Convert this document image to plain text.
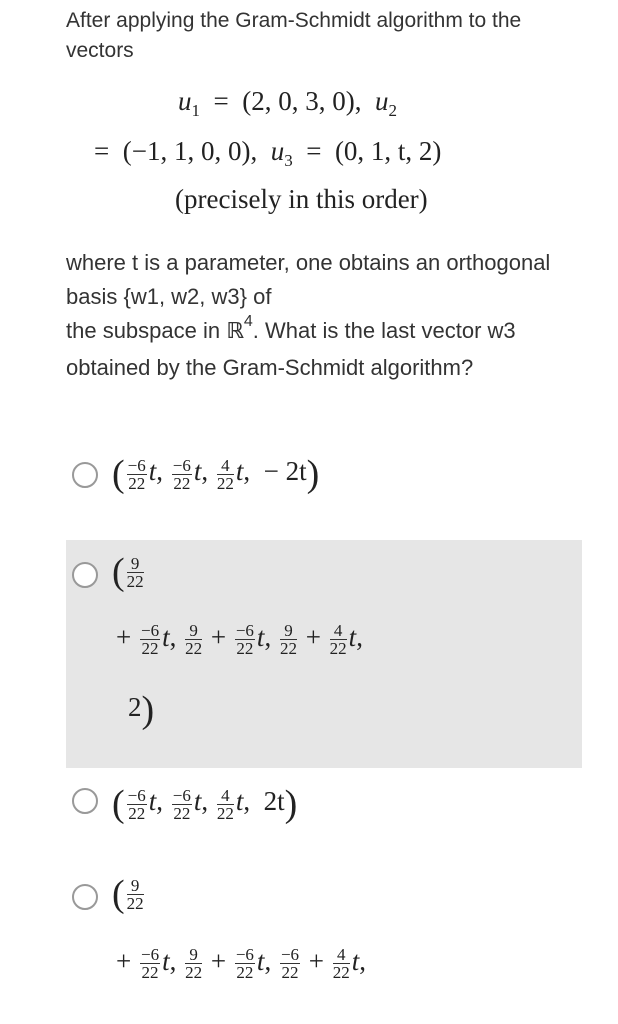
After applying the Gram-Schmidt algorithm to the vectors
$u_1 = (2$, 0, 3, 0), $u_2$
= (−1, 1, 0, 0), $u_3 = (0$, 1, t, 2)
(precisely in this order)
where t is a parameter, one obtains an orthogonal basis {w1, w2, w3} of
the subspace in ℝ$^4$. What is the last vector w3 obtained by the Gram-Schmidt algorithm?
( $\frac{-6}{22} t$, $\frac{-6}{22} t$, $\frac{4}{22} t$, − 2t)
( $\frac{9}{22}$
+ $\frac{-6}{22} t$, $\frac{9}{22} + \frac{-6}{22} t$, $\frac{9}{22} + \frac{4}{22} t$,
2)
( $\frac{-6}{22} t$, $\frac{-6}{22} t$, $\frac{4}{22} t$, 2t)
( $\frac{9}{22}$
+ $\frac{-6}{22} t$, $\frac{9}{22} + \frac{-6}{22} t$, $\frac{-6}{22} + \frac{4}{22} t$,
